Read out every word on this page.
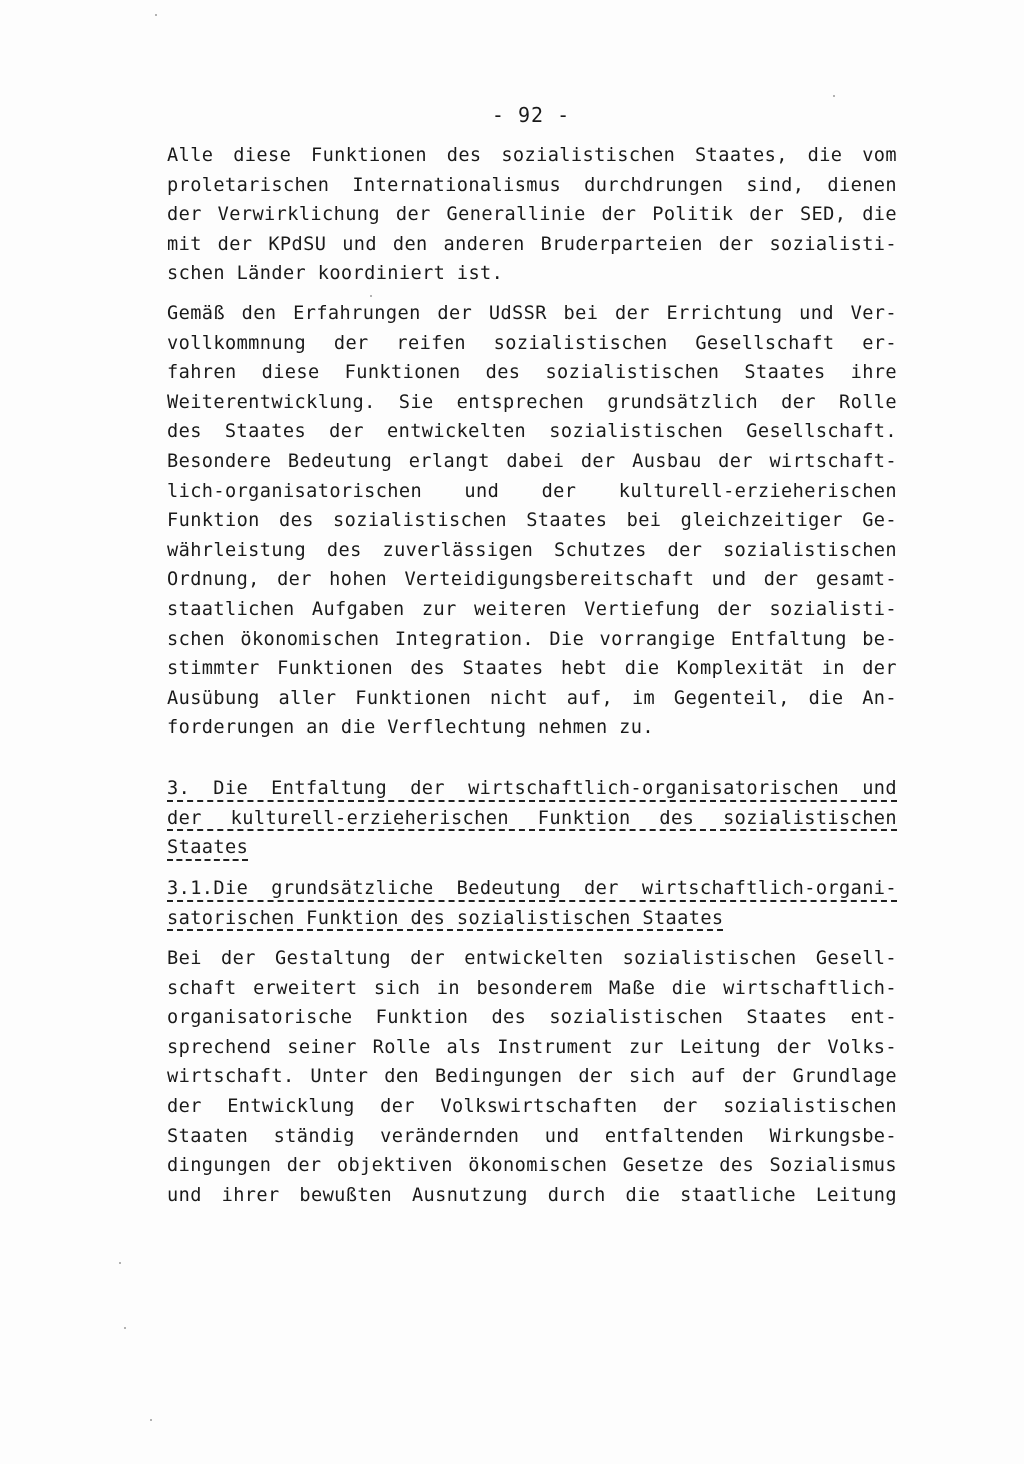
- 92 -
Alle diese Funktionen des sozialistischen Staates, die vom
proletarischen Internationalismus durchdrungen sind, dienen
der Verwirklichung der Generallinie der Politik der SED, die
mit der KPdSU und den anderen Bruderparteien der sozialisti-
schen Länder koordiniert ist.
Gemäß den Erfahrungen der UdSSR bei der Errichtung und Ver-
vollkommnung der reifen sozialistischen Gesellschaft er-
fahren diese Funktionen des sozialistischen Staates ihre
Weiterentwicklung. Sie entsprechen grundsätzlich der Rolle
des Staates der entwickelten sozialistischen Gesellschaft.
Besondere Bedeutung erlangt dabei der Ausbau der wirtschaft-
lich-organisatorischen und der kulturell-erzieherischen
Funktion des sozialistischen Staates bei gleichzeitiger Ge-
währleistung des zuverlässigen Schutzes der sozialistischen
Ordnung, der hohen Verteidigungsbereitschaft und der gesamt-
staatlichen Aufgaben zur weiteren Vertiefung der sozialisti-
schen ökonomischen Integration. Die vorrangige Entfaltung be-
stimmter Funktionen des Staates hebt die Komplexität in der
Ausübung aller Funktionen nicht auf, im Gegenteil, die An-
forderungen an die Verflechtung nehmen zu.
3. Die Entfaltung der wirtschaftlich-organisatorischen und
der kulturell-erzieherischen Funktion des sozialistischen
Staates
3.1.Die grundsätzliche Bedeutung der wirtschaftlich-organi-
satorischen Funktion des sozialistischen Staates
Bei der Gestaltung der entwickelten sozialistischen Gesell-
schaft erweitert sich in besonderem Maße die wirtschaftlich-
organisatorische Funktion des sozialistischen Staates ent-
sprechend seiner Rolle als Instrument zur Leitung der Volks-
wirtschaft. Unter den Bedingungen der sich auf der Grundlage
der Entwicklung der Volkswirtschaften der sozialistischen
Staaten ständig verändernden und entfaltenden Wirkungsbe-
dingungen der objektiven ökonomischen Gesetze des Sozialismus
und ihrer bewußten Ausnutzung durch die staatliche Leitung
